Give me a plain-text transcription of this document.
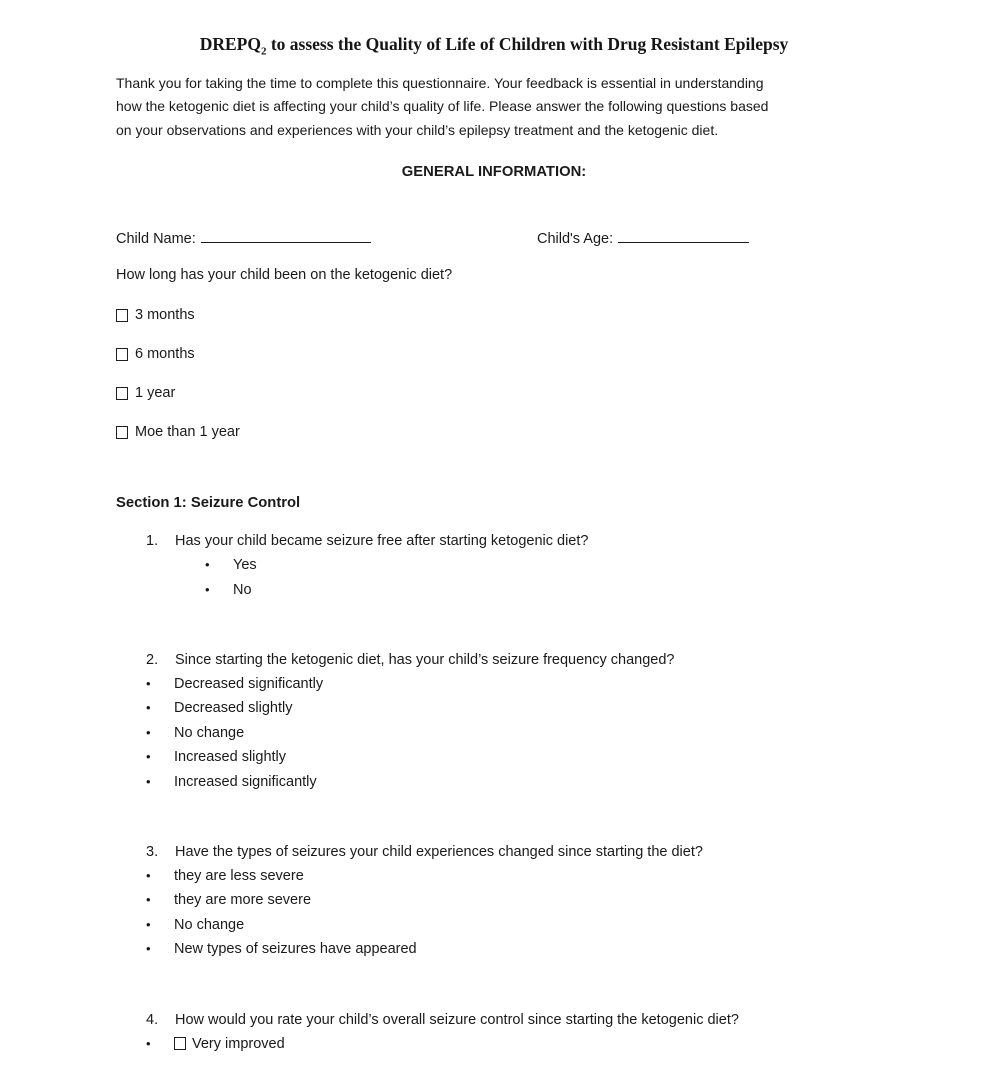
$DREPQ_2$ to assess the Quality of Life of Children with Drug Resistant Epilepsy
Thank you for taking the time to complete this questionnaire. Your feedback is essential in understanding
how the ketogenic diet is affecting your child’s quality of life. Please answer the following questions based
on your observations and experiences with your child’s epilepsy treatment and the ketogenic diet.
GENERAL INFORMATION:
Child Name:	Child's Age:

How long has your child been on the ketogenic diet?

3 months
6 months
1 year
Moe than 1 year
Section 1: Seizure Control
1.	Has your child became seizure free after starting ketogenic diet?
•	Yes
•	No
2.	Since starting the ketogenic diet, has your child’s seizure frequency changed?
•	Decreased significantly
•	Decreased slightly
•	No change
•	Increased slightly
•	Increased significantly
3.	Have the types of seizures your child experiences changed since starting the diet?
•	they are less severe
•	they are more severe
•	No change
•	New types of seizures have appeared
4.	How would you rate your child’s overall seizure control since starting the ketogenic diet?
•	Very improved
